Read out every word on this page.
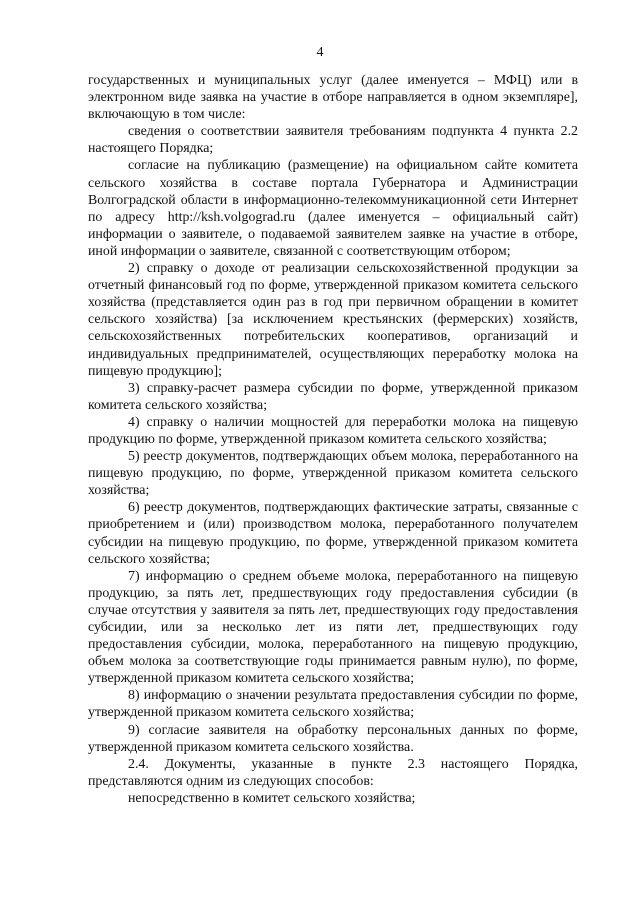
4

государственных и муниципальных услуг (далее именуется – МФЦ) или в электронном виде заявка на участие в отборе направляется в одном экземпляре], включающую в том числе:

сведения о соответствии заявителя требованиям подпункта 4 пункта 2.2 настоящего Порядка;

согласие на публикацию (размещение) на официальном сайте комитета сельского хозяйства в составе портала Губернатора и Администрации Волгоградской области в информационно-телекоммуникационной сети Интернет по адресу http://ksh.volgograd.ru (далее именуется – официальный сайт) информации о заявителе, о подаваемой заявителем заявке на участие в отборе, иной информации о заявителе, связанной с соответствующим отбором;

2) справку о доходе от реализации сельскохозяйственной продукции за отчетный финансовый год по форме, утвержденной приказом комитета сельского хозяйства (представляется один раз в год при первичном обращении в комитет сельского хозяйства) [за исключением крестьянских (фермерских) хозяйств, сельскохозяйственных потребительских кооперативов, организаций и индивидуальных предпринимателей, осуществляющих переработку молока на пищевую продукцию];

3) справку-расчет размера субсидии по форме, утвержденной приказом комитета сельского хозяйства;

4) справку о наличии мощностей для переработки молока на пищевую продукцию по форме, утвержденной приказом комитета сельского хозяйства;

5) реестр документов, подтверждающих объем молока, переработанного на пищевую продукцию, по форме, утвержденной приказом комитета сельского хозяйства;

6) реестр документов, подтверждающих фактические затраты, связанные с приобретением и (или) производством молока, переработанного получателем субсидии на пищевую продукцию, по форме, утвержденной приказом комитета сельского хозяйства;

7) информацию о среднем объеме молока, переработанного на пищевую продукцию, за пять лет, предшествующих году предоставления субсидии (в случае отсутствия у заявителя за пять лет, предшествующих году предоставления субсидии, или за несколько лет из пяти лет, предшествующих году предоставления субсидии, молока, переработанного на пищевую продукцию, объем молока за соответствующие годы принимается равным нулю), по форме, утвержденной приказом комитета сельского хозяйства;

8) информацию о значении результата предоставления субсидии по форме, утвержденной приказом комитета сельского хозяйства;

9) согласие заявителя на обработку персональных данных по форме, утвержденной приказом комитета сельского хозяйства.

2.4. Документы, указанные в пункте 2.3 настоящего Порядка, представляются одним из следующих способов:

непосредственно в комитет сельского хозяйства;
